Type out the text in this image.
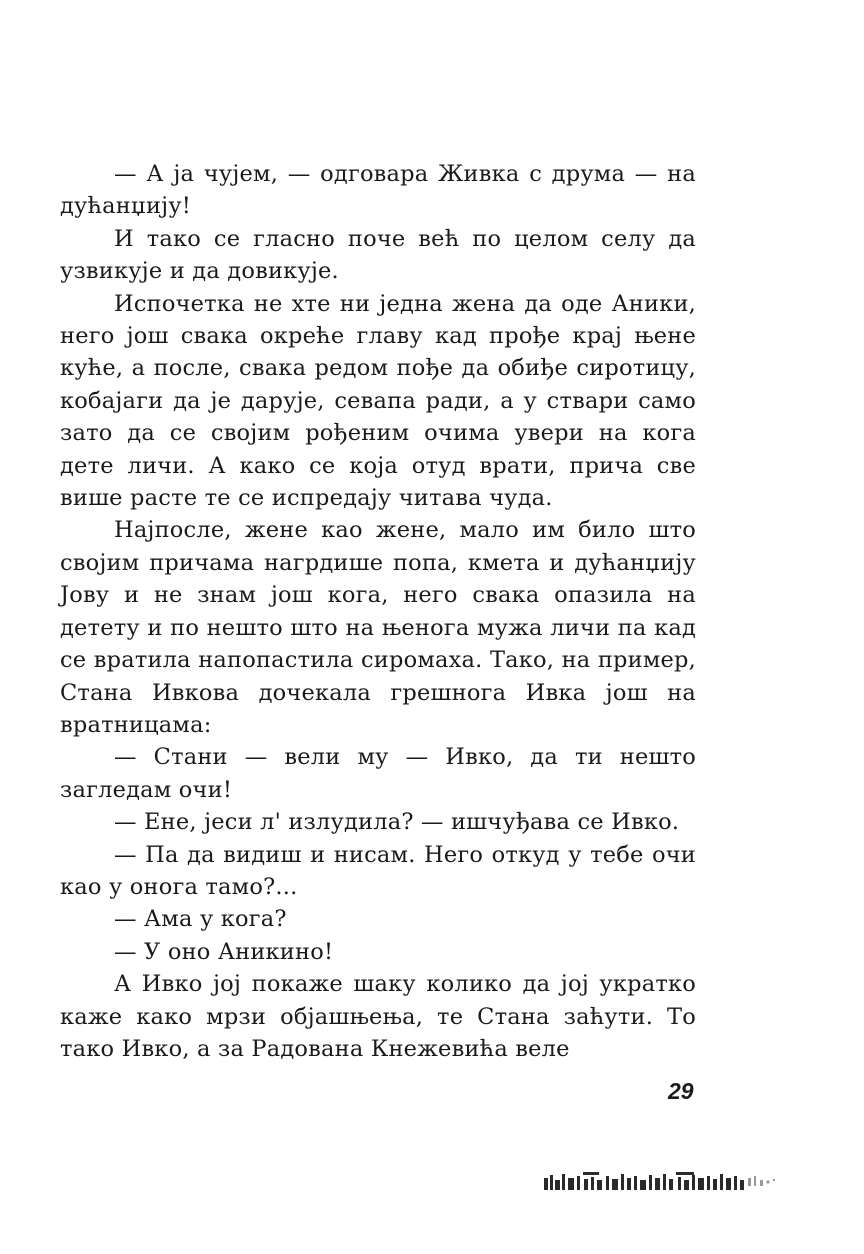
— А ја чујем, — одговара Живка с друма — на дућанџију!

И тако се гласно поче већ по целом селу да узвикује и да довикује.

Испочетка не хте ни једна жена да оде Аники, него још свака окреће главу кад прође крај њене куће, а после, свака редом пође да обиђе сиротицу, кобајаги да је дарује, севапа ради, а у ствари само зато да се својим рођеним очима увери на кога дете личи. А како се која отуд врати, прича све више расте те се испредају читава чуда.

Најпосле, жене као жене, мало им било што својим причама нагрдише попа, кмета и дућанџију Јову и не знам још кога, него свака опазила на детету и по нешто што на њенога мужа личи па кад се вратила напопастила сиромаха. Тако, на пример, Стана Ивкова дочекала грешнога Ивка још на вратницама:

— Стани — вели му — Ивко, да ти нешто загледам очи!

— Ене, јеси л' излудила? — ишчуђава се Ивко.

— Па да видиш и нисам. Него откуд у тебе очи као у онога тамо?...

— Ама у кога?

— У оно Аникино!

А Ивко јој покаже шаку колико да јој укратко каже како мрзи објашњења, те Стана заћути. То тако Ивко, а за Радована Кнежевића веле

29
